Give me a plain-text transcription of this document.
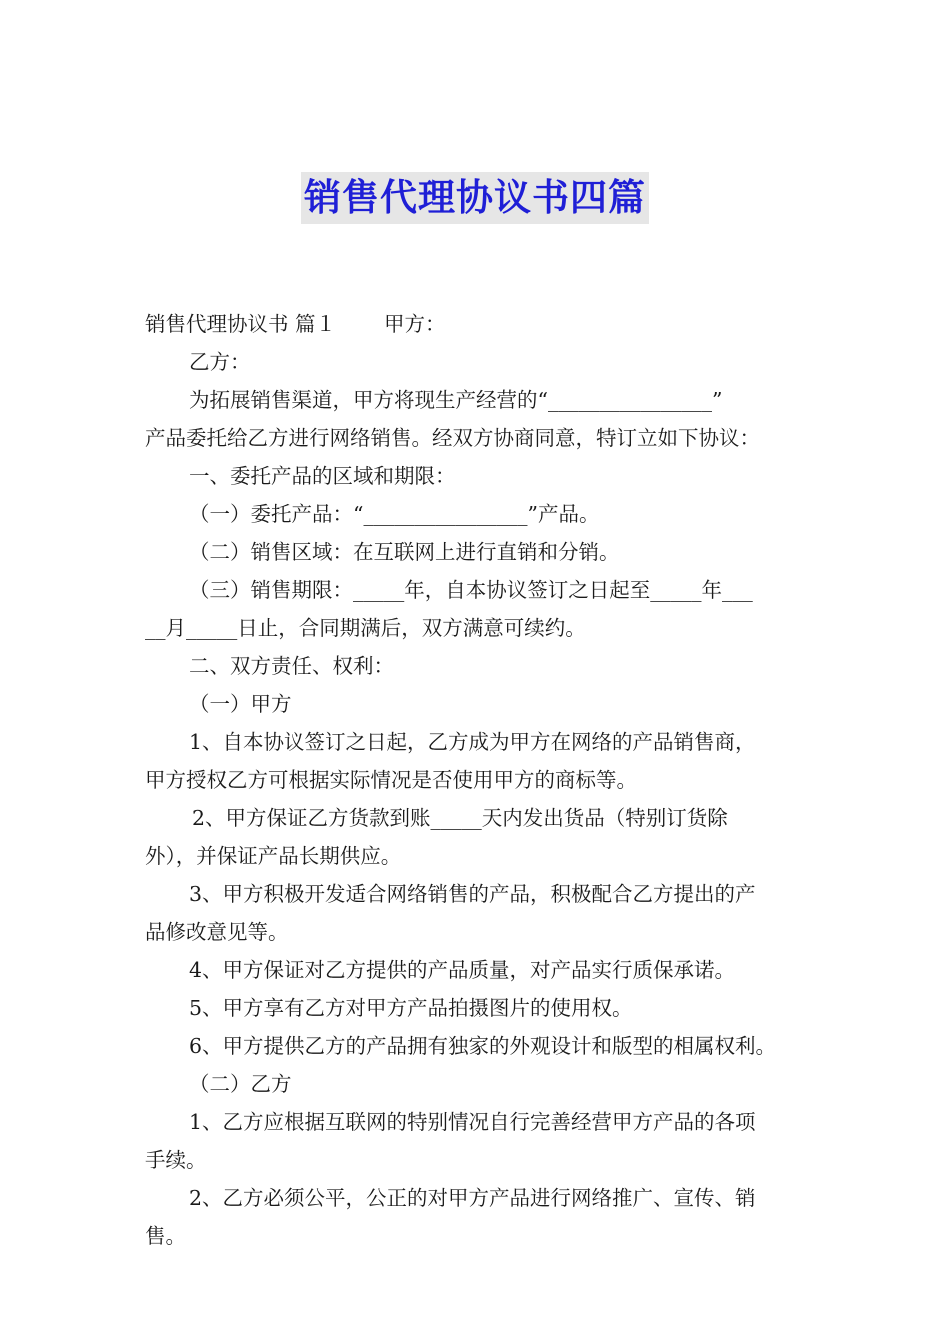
销售代理协议书四篇
销售代理协议书 篇１ 甲方：
乙方：
为拓展销售渠道，甲方将现生产经营的“________________”
产品委托给乙方进行网络销售。经双方协商同意，特订立如下协议：
一、委托产品的区域和期限：
（一）委托产品：“________________”产品。
（二）销售区域：在互联网上进行直销和分销。
（三）销售期限：_____年，自本协议签订之日起至_____年___
__月_____日止，合同期满后，双方满意可续约。
二、双方责任、权利：
（一）甲方
1、自本协议签订之日起，乙方成为甲方在网络的产品销售商，
甲方授权乙方可根据实际情况是否使用甲方的商标等。
2、甲方保证乙方货款到账_____天内发出货品（特别订货除
外），并保证产品长期供应。
3、甲方积极开发适合网络销售的产品，积极配合乙方提出的产
品修改意见等。
4、甲方保证对乙方提供的产品质量，对产品实行质保承诺。
5、甲方享有乙方对甲方产品拍摄图片的使用权。
6、甲方提供乙方的产品拥有独家的外观设计和版型的相属权利。
（二）乙方
1、乙方应根据互联网的特别情况自行完善经营甲方产品的各项
手续。
2、乙方必须公平，公正的对甲方产品进行网络推广、宣传、销
售。
